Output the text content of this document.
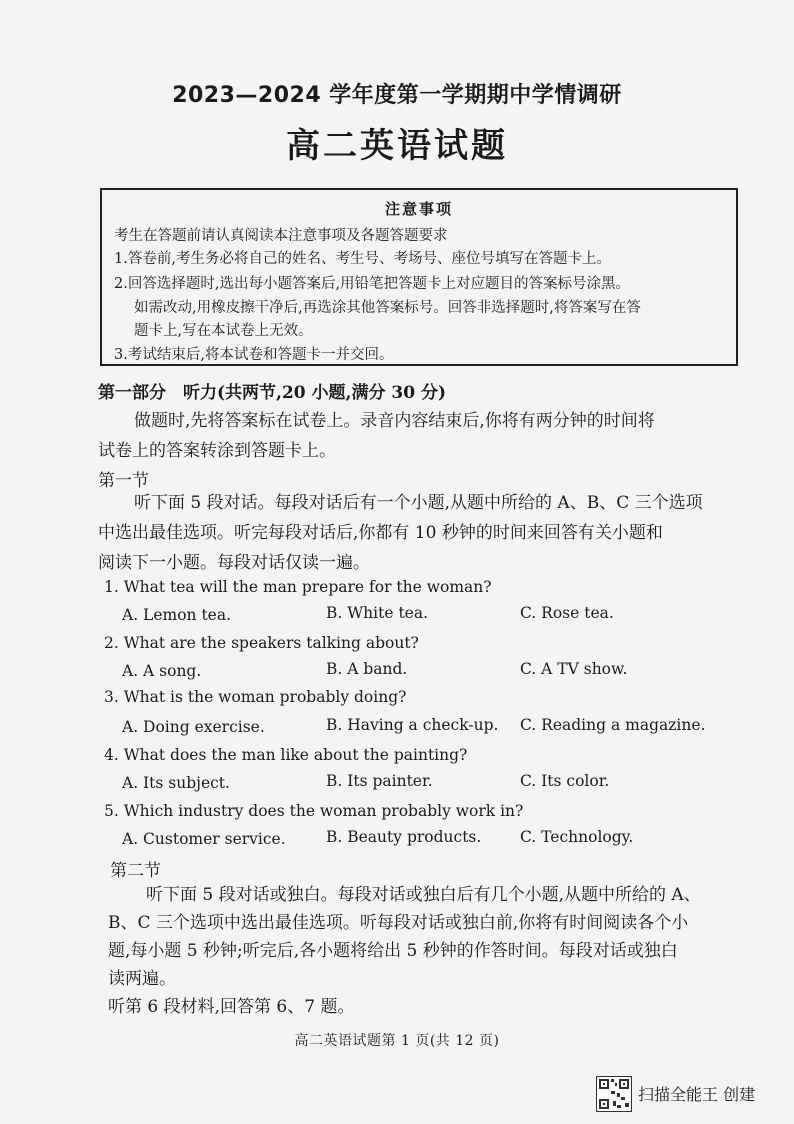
2023—2024 学年度第一学期期中学情调研
高二英语试题
注意事项
考生在答题前请认真阅读本注意事项及各题答题要求
1.答卷前,考生务必将自己的姓名、考生号、考场号、座位号填写在答题卡上。
2.回答选择题时,选出每小题答案后,用铅笔把答题卡上对应题目的答案标号涂黑。
如需改动,用橡皮擦干净后,再选涂其他答案标号。回答非选择题时,将答案写在答
题卡上,写在本试卷上无效。
3.考试结束后,将本试卷和答题卡一并交回。
第一部分　听力(共两节,20 小题,满分 30 分)
做题时,先将答案标在试卷上。录音内容结束后,你将有两分钟的时间将
试卷上的答案转涂到答题卡上。
第一节
听下面 5 段对话。每段对话后有一个小题,从题中所给的 A、B、C 三个选项
中选出最佳选项。听完每段对话后,你都有 10 秒钟的时间来回答有关小题和
阅读下一小题。每段对话仅读一遍。
1. What tea will the man prepare for the woman?
A. Lemon tea.	B. White tea.	C. Rose tea.
2. What are the speakers talking about?
A. A song.	B. A band.	C. A TV show.
3. What is the woman probably doing?
A. Doing exercise.	B. Having a check-up. C. Reading a magazine.
4. What does the man like about the painting?
A. Its subject.	B. Its painter.	C. Its color.
5. Which industry does the woman probably work in?
A. Customer service.	B. Beauty products. C. Technology.
第二节
听下面 5 段对话或独白。每段对话或独白后有几个小题,从题中所给的 A、
B、C 三个选项中选出最佳选项。听每段对话或独白前,你将有时间阅读各个小
题,每小题 5 秒钟;听完后,各小题将给出 5 秒钟的作答时间。每段对话或独白
读两遍。
听第 6 段材料,回答第 6、7 题。
高二英语试题第 1 页(共 12 页)
扫描全能王 创建
